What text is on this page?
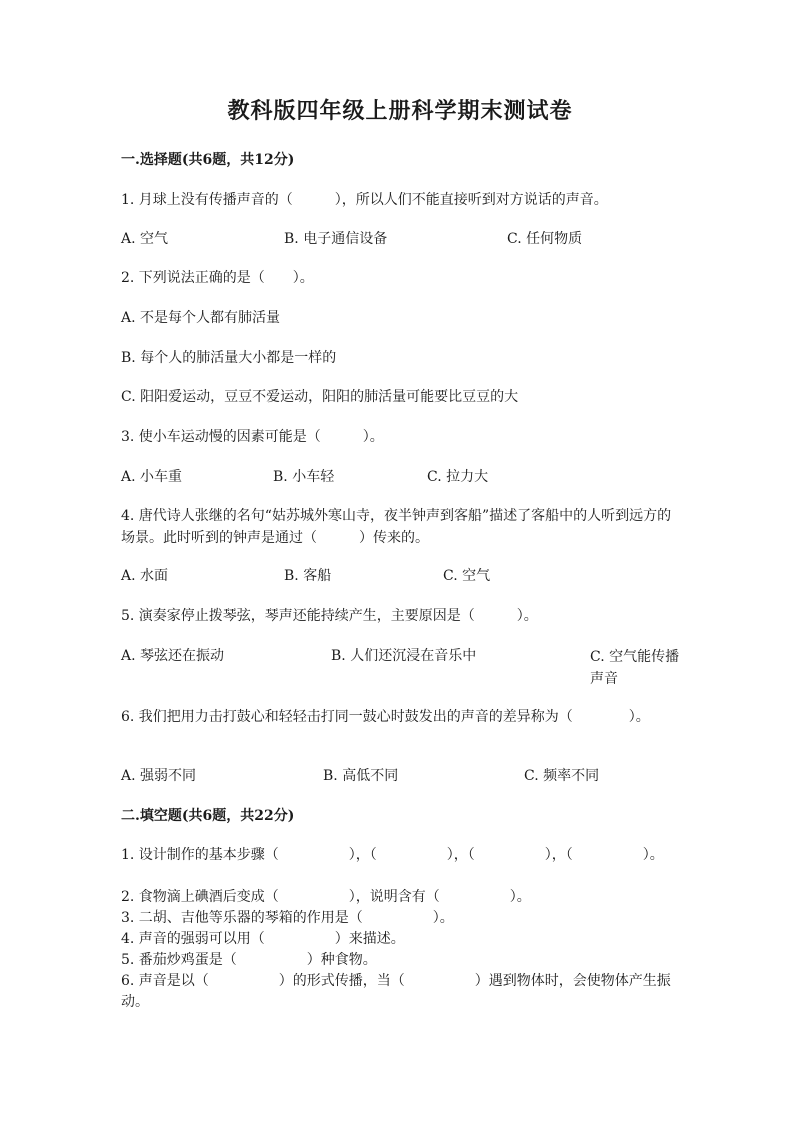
教科版四年级上册科学期末测试卷
一.选择题(共6题，共12分)
1. 月球上没有传播声音的（　　　），所以人们不能直接听到对方说话的声音。
A. 空气	B. 电子通信设备	C. 任何物质
2. 下列说法正确的是（　　）。
A. 不是每个人都有肺活量
B. 每个人的肺活量大小都是一样的
C. 阳阳爱运动，豆豆不爱运动，阳阳的肺活量可能要比豆豆的大
3. 使小车运动慢的因素可能是（　　　）。
A. 小车重	B. 小车轻	C. 拉力大
4. 唐代诗人张继的名句“姑苏城外寒山寺，夜半钟声到客船”描述了客船中的人听到远方的场景。此时听到的钟声是通过（　　　）传来的。
A. 水面	B. 客船	C. 空气
5. 演奏家停止拨琴弦，琴声还能持续产生，主要原因是（　　　）。
A. 琴弦还在振动	B. 人们还沉浸在音乐中	C. 空气能传播声音
6. 我们把用力击打鼓心和轻轻击打同一鼓心时鼓发出的声音的差异称为（　　　　）。
A. 强弱不同	B. 高低不同	C. 频率不同
二.填空题(共6题，共22分)
1. 设计制作的基本步骤（　　　　　），（　　　　　），（　　　　　），（　　　　　）。
2. 食物滴上碘酒后变成（　　　　　），说明含有（　　　　　）。
3. 二胡、吉他等乐器的琴箱的作用是（　　　　　）。
4. 声音的强弱可以用（　　　　　）来描述。
5. 番茄炒鸡蛋是（　　　　　）种食物。
6. 声音是以（　　　　　）的形式传播，当（　　　　　）遇到物体时，会使物体产生振动。
